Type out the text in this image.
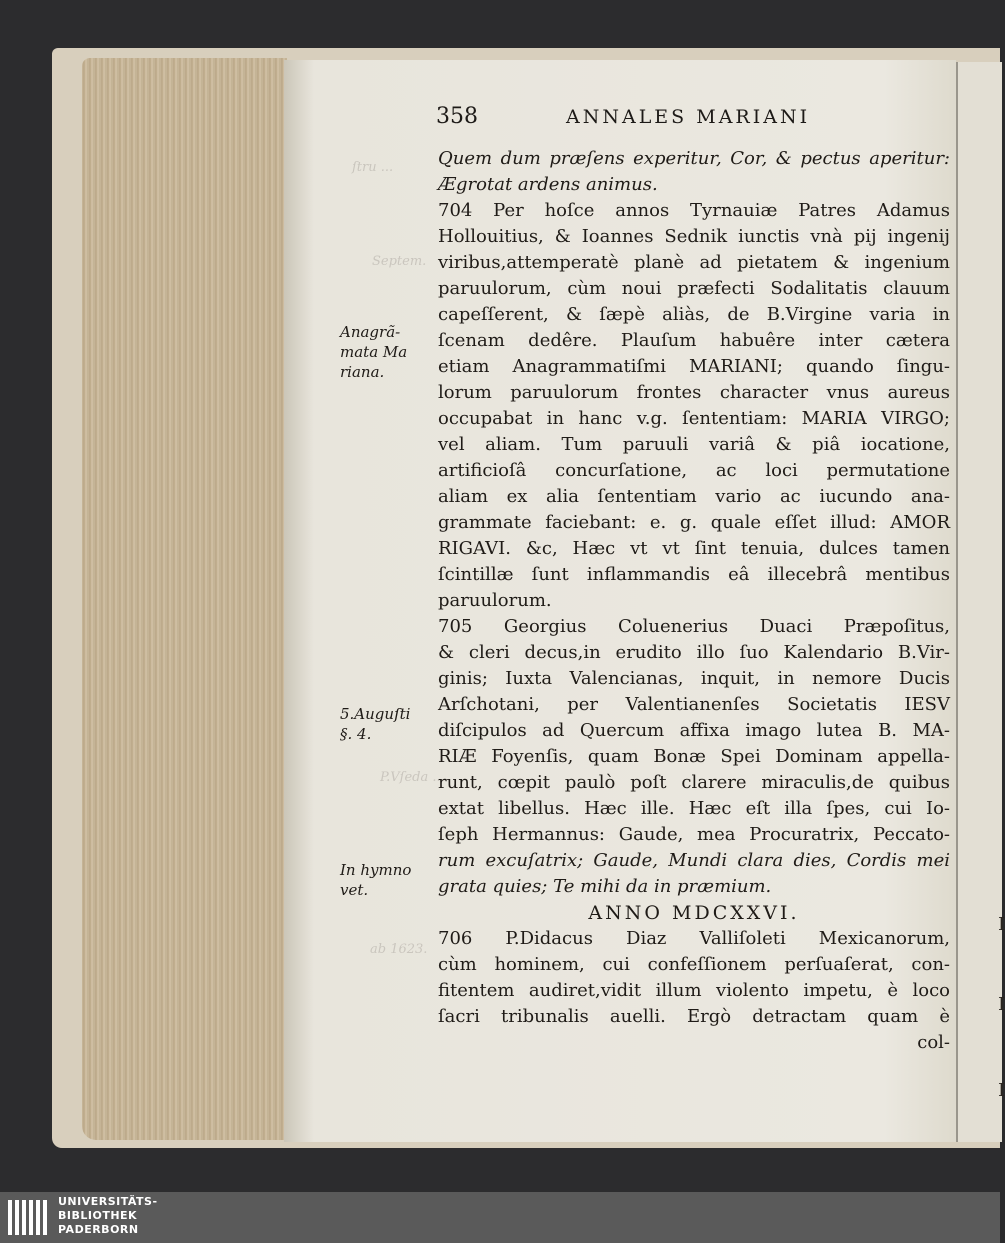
I
I
I
ſtru ...
Septem.
P.Vſeda ...
ab 1623.
358	ANNALES MARIANI
Anagrã-
mata Ma
riana.
5.Auguſti
§. 4.
In hymno
vet.
Quem dum præſens experitur, Cor, & pectus aperitur:
Ægrotat ardens animus.
704 Per hoſce annos Tyrnauiæ Patres Adamus
Hollouitius, & Ioannes Sednik iunctis vnà pij ingenij
viribus,attemperatè planè ad pietatem & ingenium
paruulorum, cùm noui præfecti Sodalitatis clauum
capeſſerent, & ſæpè aliàs, de B.Virgine varia in
ſcenam dedêre. Plauſum habuêre inter cætera
etiam Anagrammatiſmi MARIANI; quando ſingu-
lorum paruulorum frontes character vnus aureus
occupabat in hanc v.g. ſententiam: MARIA VIRGO;
vel aliam. Tum paruuli variâ & piâ iocatione,
artificioſâ concurſatione, ac loci permutatione
aliam ex alia ſententiam vario ac iucundo ana-
grammate faciebant: e. g. quale eſſet illud: AMOR
RIGAVI. &c, Hæc vt vt ſint tenuia, dulces tamen
ſcintillæ ſunt inflammandis eâ illecebrâ mentibus
paruulorum.
705 Georgius Coluenerius Duaci Præpoſitus,
& cleri decus,in erudito illo ſuo Kalendario B.Vir-
ginis; Iuxta Valencianas, inquit, in nemore Ducis
Arſchotani, per Valentianenſes Societatis IESV
diſcipulos ad Quercum affixa imago lutea B. MA-
RIÆ Foyenſis, quam Bonæ Spei Dominam appella-
runt, cœpit paulò poſt clarere miraculis,de quibus
extat libellus. Hæc ille. Hæc eſt illa ſpes, cui Io-
ſeph Hermannus: Gaude, mea Procuratrix, Peccato-
rum excuſatrix; Gaude, Mundi clara dies, Cordis mei
grata quies; Te mihi da in præmium.
ANNO MDCXXVI.
706 P.Didacus Diaz Valliſoleti Mexicanorum,
cùm hominem, cui confeſſionem perſuaſerat, con-
fitentem audiret,vidit illum violento impetu, è loco
ſacri tribunalis auelli. Ergò detractam quam è
col-
UNIVERSITÄTS-
BIBLIOTHEK
PADERBORN
